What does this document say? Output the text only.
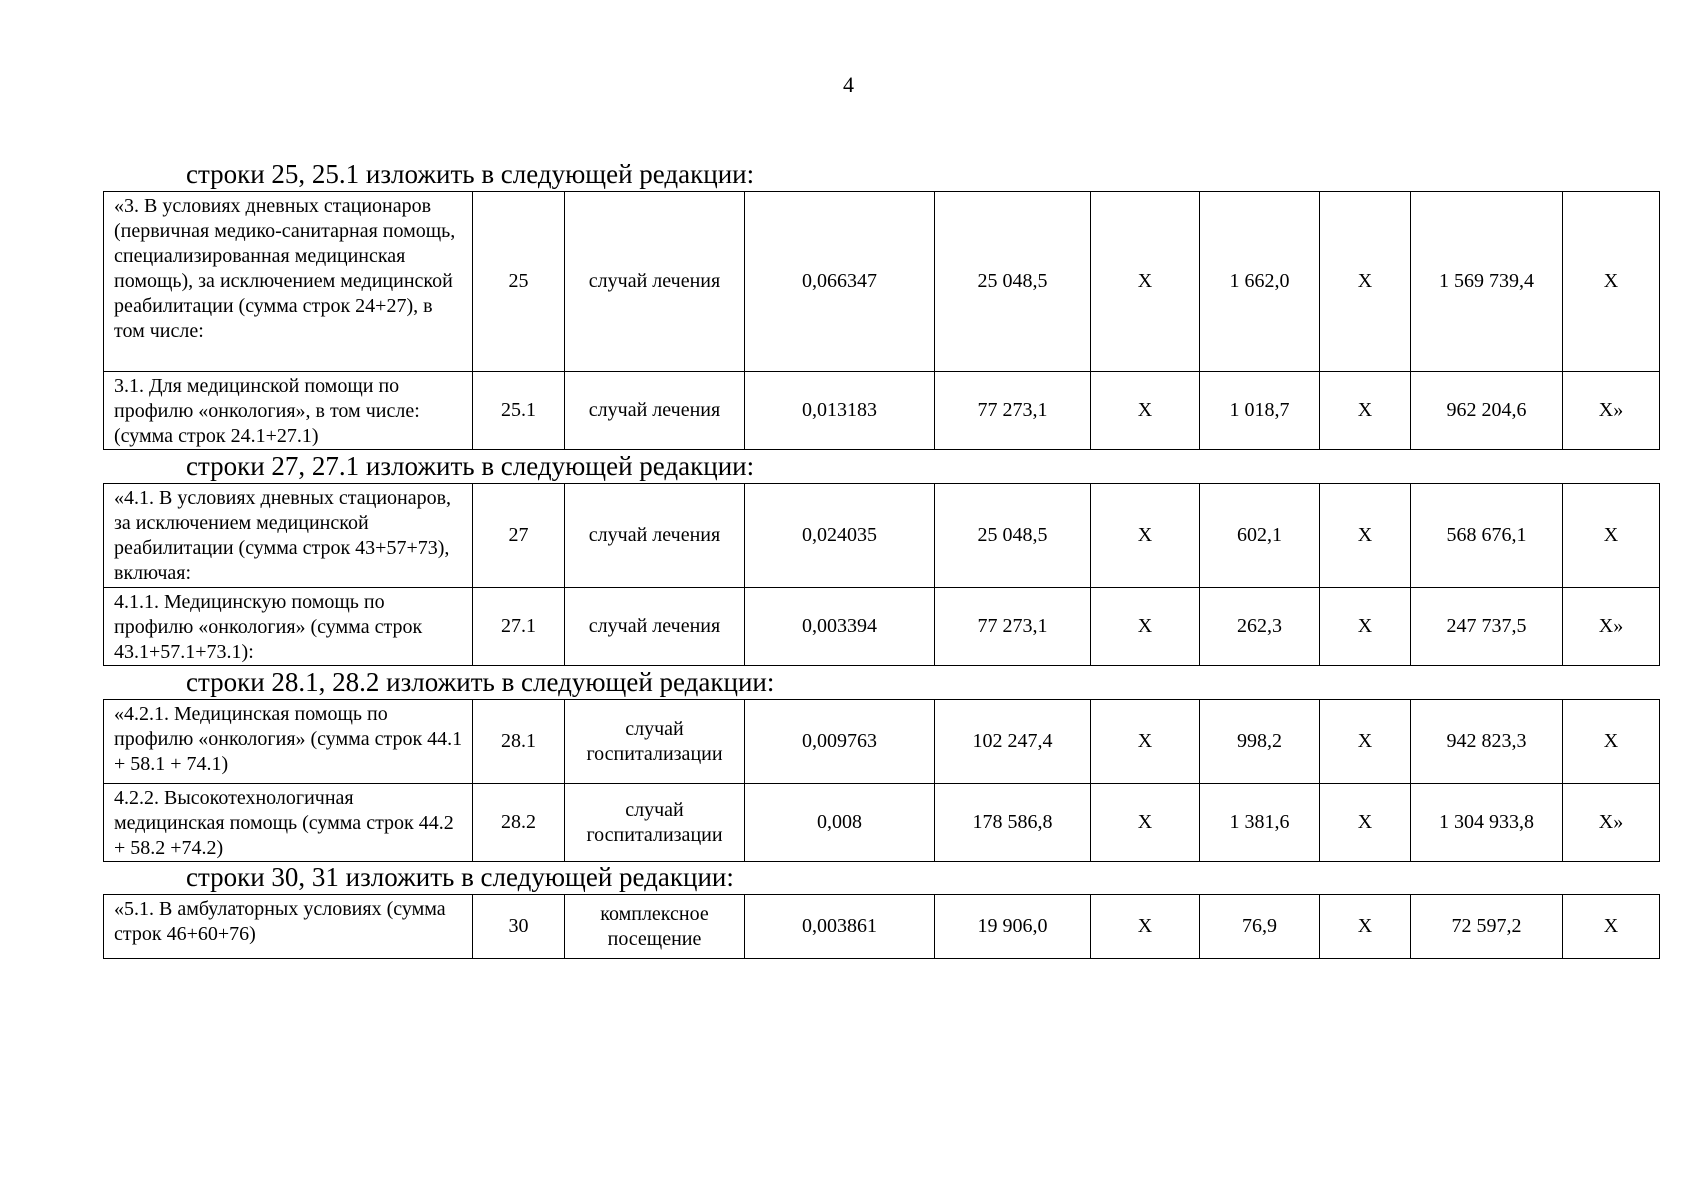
4
строки 25, 25.1 изложить в следующей редакции:
«3. В условиях дневных стационаров (первичная медико-санитарная помощь, специализированная медицинская помощь), за исключением медицинской реабилитации (сумма строк 24+27), в том числе:	25	случай лечения	0,066347	25 048,5	X	1 662,0	X	1 569 739,4	X
3.1. Для медицинской помощи по профилю «онкология», в том числе: (сумма строк 24.1+27.1)	25.1	случай лечения	0,013183	77 273,1	X	1 018,7	X	962 204,6	X»
строки 27, 27.1 изложить в следующей редакции:
«4.1. В условиях дневных стационаров, за исключением медицинской реабилитации (сумма строк 43+57+73), включая:	27	случай лечения	0,024035	25 048,5	X	602,1	X	568 676,1	X
4.1.1. Медицинскую помощь по профилю «онкология» (сумма строк 43.1+57.1+73.1):	27.1	случай лечения	0,003394	77 273,1	X	262,3	X	247 737,5	X»
строки 28.1, 28.2 изложить в следующей редакции:
«4.2.1. Медицинская помощь по профилю «онкология» (сумма строк 44.1 + 58.1 + 74.1)	28.1	случай госпитализации	0,009763	102 247,4	X	998,2	X	942 823,3	X
4.2.2. Высокотехнологичная медицинская помощь (сумма строк 44.2 + 58.2 +74.2)	28.2	случай госпитализации	0,008	178 586,8	X	1 381,6	X	1 304 933,8	X»
строки 30, 31 изложить в следующей редакции:
«5.1. В амбулаторных условиях (сумма строк 46+60+76)	30	комплексное посещение	0,003861	19 906,0	X	76,9	X	72 597,2	X
